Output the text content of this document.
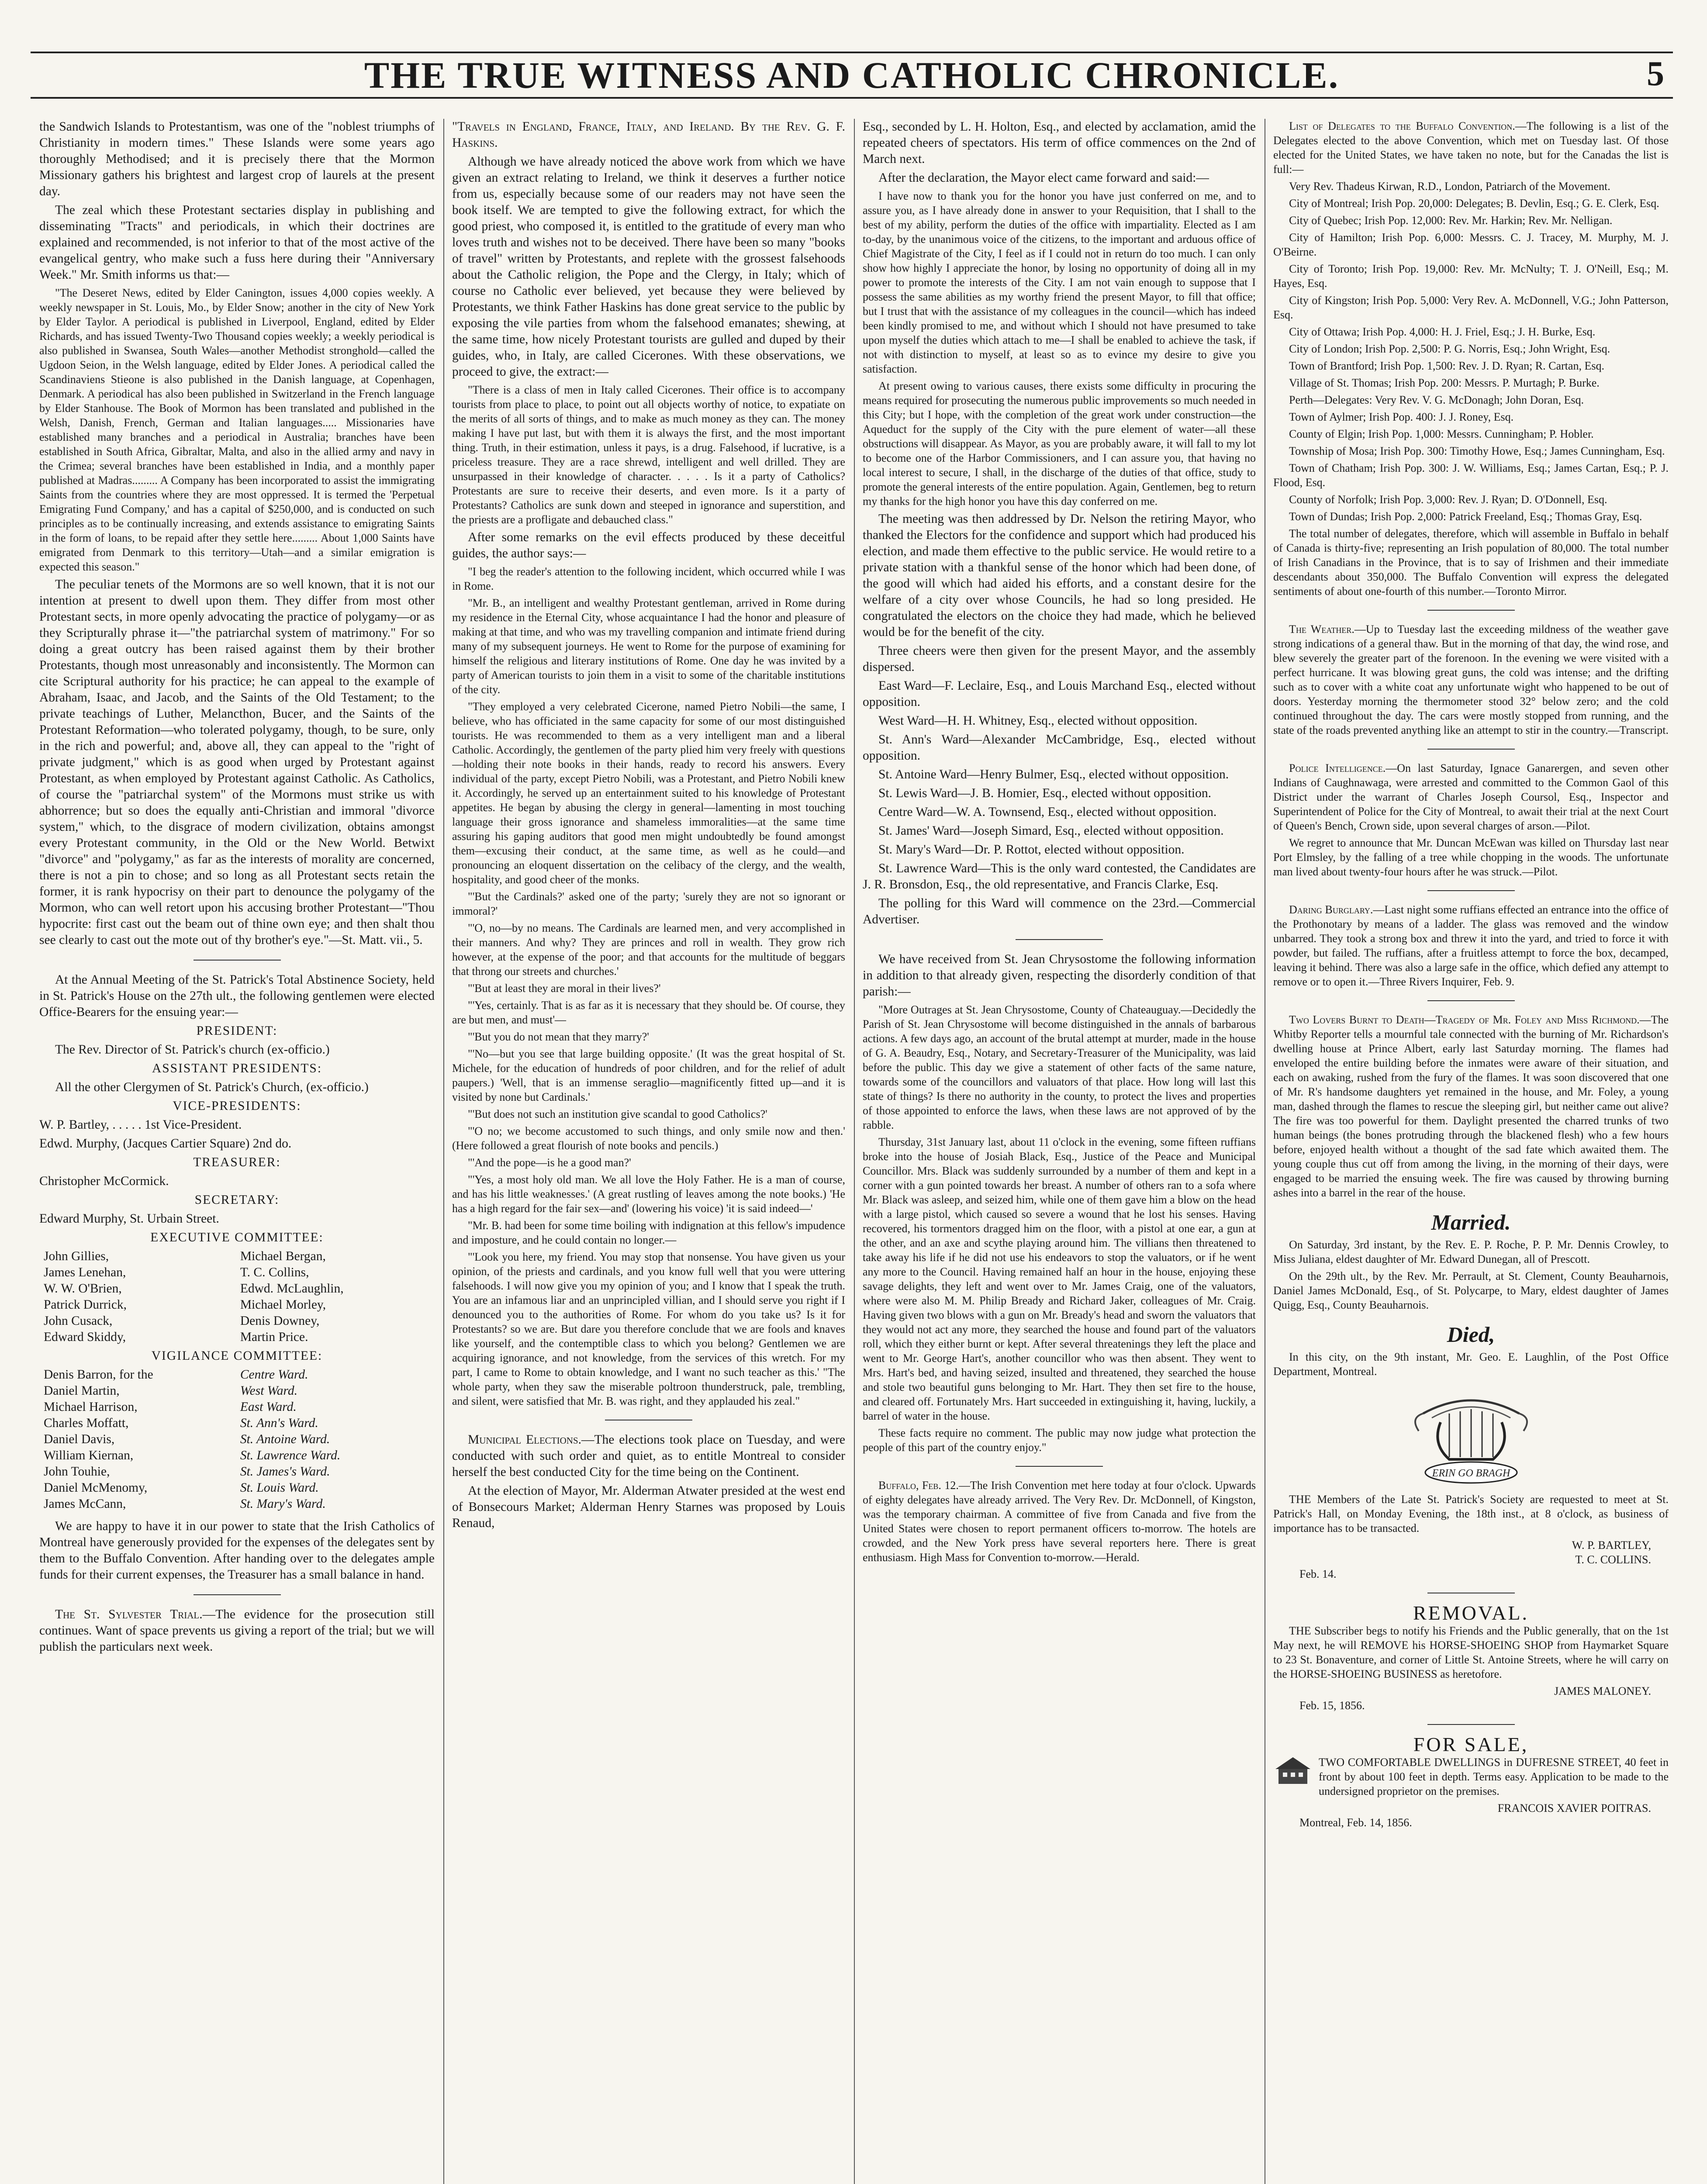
THE TRUE WITNESS AND CATHOLIC CHRONICLE.	5

the Sandwich Islands to Protestantism, was one of the "noblest triumphs of Christianity in modern times." These Islands were some years ago thoroughly Methodised; and it is precisely there that the Mormon Missionary gathers his brightest and largest crop of laurels at the present day.

The zeal which these Protestant sectaries display in publishing and disseminating "Tracts" and periodicals, in which their doctrines are explained and recommended, is not inferior to that of the most active of the evangelical gentry, who make such a fuss here during their "Anniversary Week." Mr. Smith informs us that:—

"The Deseret News, edited by Elder Canington, issues 4,000 copies weekly. A weekly newspaper in St. Louis, Mo., by Elder Snow; another in the city of New York by Elder Taylor. A periodical is published in Liverpool, England, edited by Elder Richards, and has issued Twenty-Two Thousand copies weekly; a weekly periodical is also published in Swansea, South Wales—another Methodist stronghold—called the Ugdoon Seion, in the Welsh language, edited by Elder Jones. A periodical called the Scandinaviens Stieone is also published in the Danish language, at Copenhagen, Denmark. A periodical has also been published in Switzerland in the French language by Elder Stanhouse. The Book of Mormon has been translated and published in the Welsh, Danish, French, German and Italian languages..... Missionaries have established many branches and a periodical in Australia; branches have been established in South Africa, Gibraltar, Malta, and also in the allied army and navy in the Crimea; several branches have been established in India, and a monthly paper published at Madras......... A Company has been incorporated to assist the immigrating Saints from the countries where they are most oppressed. It is termed the 'Perpetual Emigrating Fund Company,' and has a capital of $250,000, and is conducted on such principles as to be continually increasing, and extends assistance to emigrating Saints in the form of loans, to be repaid after they settle here......... About 1,000 Saints have emigrated from Denmark to this territory—Utah—and a similar emigration is expected this season."

The peculiar tenets of the Mormons are so well known, that it is not our intention at present to dwell upon them. They differ from most other Protestant sects, in more openly advocating the practice of polygamy—or as they Scripturally phrase it—"the patriarchal system of matrimony." For so doing a great outcry has been raised against them by their brother Protestants, though most unreasonably and inconsistently. The Mormon can cite Scriptural authority for his practice; he can appeal to the example of Abraham, Isaac, and Jacob, and the Saints of the Old Testament; to the private teachings of Luther, Melancthon, Bucer, and the Saints of the Protestant Reformation—who tolerated polygamy, though, to be sure, only in the rich and powerful; and, above all, they can appeal to the "right of private judgment," which is as good when urged by Protestant against Protestant, as when employed by Protestant against Catholic. As Catholics, of course the "patriarchal system" of the Mormons must strike us with abhorrence; but so does the equally anti-Christian and immoral "divorce system," which, to the disgrace of modern civilization, obtains amongst every Protestant community, in the Old or the New World. Betwixt "divorce" and "polygamy," as far as the interests of morality are concerned, there is not a pin to chose; and so long as all Protestant sects retain the former, it is rank hypocrisy on their part to denounce the polygamy of the Mormon, who can well retort upon his accusing brother Protestant—"Thou hypocrite: first cast out the beam out of thine own eye; and then shalt thou see clearly to cast out the mote out of thy brother's eye."—St. Matt. vii., 5.

At the Annual Meeting of the St. Patrick's Total Abstinence Society, held in St. Patrick's House on the 27th ult., the following gentlemen were elected Office-Bearers for the ensuing year:—

PRESIDENT:

The Rev. Director of St. Patrick's church (ex-officio.)

ASSISTANT PRESIDENTS:

All the other Clergymen of St. Patrick's Church, (ex-officio.)

VICE-PRESIDENTS:

W. P. Bartley, . . . . . 1st Vice-President.

Edwd. Murphy, (Jacques Cartier Square) 2nd do.

TREASURER:

Christopher McCormick.

SECRETARY:

Edward Murphy, St. Urbain Street.

EXECUTIVE COMMITTEE:
John Gillies,	Michael Bergan,
James Lenehan,	T. C. Collins,
W. W. O'Brien,	Edwd. McLaughlin,
Patrick Durrick,	Michael Morley,
John Cusack,	Denis Downey,
Edward Skiddy,	Martin Price.
VIGILANCE COMMITTEE:
Denis Barron, for the	Centre Ward.
Daniel Martin,	West Ward.
Michael Harrison,	East Ward.
Charles Moffatt,	St. Ann's Ward.
Daniel Davis,	St. Antoine Ward.
William Kiernan,	St. Lawrence Ward.
John Touhie,	St. James's Ward.
Daniel McMenomy,	St. Louis Ward.
James McCann,	St. Mary's Ward.

We are happy to have it in our power to state that the Irish Catholics of Montreal have generously provided for the expenses of the delegates sent by them to the Buffalo Convention. After handing over to the delegates ample funds for their current expenses, the Treasurer has a small balance in hand.

The St. Sylvester Trial.—The evidence for the prosecution still continues. Want of space prevents us giving a report of the trial; but we will publish the particulars next week.

"Travels in England, France, Italy, and Ireland. By the Rev. G. F. Haskins.

Although we have already noticed the above work from which we have given an extract relating to Ireland, we think it deserves a further notice from us, especially because some of our readers may not have seen the book itself. We are tempted to give the following extract, for which the good priest, who composed it, is entitled to the gratitude of every man who loves truth and wishes not to be deceived. There have been so many "books of travel" written by Protestants, and replete with the grossest falsehoods about the Catholic religion, the Pope and the Clergy, in Italy; which of course no Catholic ever believed, yet because they were believed by Protestants, we think Father Haskins has done great service to the public by exposing the vile parties from whom the falsehood emanates; shewing, at the same time, how nicely Protestant tourists are gulled and duped by their guides, who, in Italy, are called Cicerones. With these observations, we proceed to give, the extract:—

"There is a class of men in Italy called Cicerones. Their office is to accompany tourists from place to place, to point out all objects worthy of notice, to expatiate on the merits of all sorts of things, and to make as much money as they can. The money making I have put last, but with them it is always the first, and the most important thing. Truth, in their estimation, unless it pays, is a drug. Falsehood, if lucrative, is a priceless treasure. They are a race shrewd, intelligent and well drilled. They are unsurpassed in their knowledge of character. . . . . Is it a party of Catholics? Protestants are sure to receive their deserts, and even more. Is it a party of Protestants? Catholics are sunk down and steeped in ignorance and superstition, and the priests are a profligate and debauched class."

After some remarks on the evil effects produced by these deceitful guides, the author says:—

"I beg the reader's attention to the following incident, which occurred while I was in Rome.

"Mr. B., an intelligent and wealthy Protestant gentleman, arrived in Rome during my residence in the Eternal City, whose acquaintance I had the honor and pleasure of making at that time, and who was my travelling companion and intimate friend during many of my subsequent journeys. He went to Rome for the purpose of examining for himself the religious and literary institutions of Rome. One day he was invited by a party of American tourists to join them in a visit to some of the charitable institutions of the city.

"They employed a very celebrated Cicerone, named Pietro Nobili—the same, I believe, who has officiated in the same capacity for some of our most distinguished tourists. He was recommended to them as a very intelligent man and a liberal Catholic. Accordingly, the gentlemen of the party plied him very freely with questions—holding their note books in their hands, ready to record his answers. Every individual of the party, except Pietro Nobili, was a Protestant, and Pietro Nobili knew it. Accordingly, he served up an entertainment suited to his knowledge of Protestant appetites. He began by abusing the clergy in general—lamenting in most touching language their gross ignorance and shameless immoralities—at the same time assuring his gaping auditors that good men might undoubtedly be found amongst them—excusing their conduct, at the same time, as well as he could—and pronouncing an eloquent dissertation on the celibacy of the clergy, and the wealth, hospitality, and good cheer of the monks.

"'But the Cardinals?' asked one of the party; 'surely they are not so ignorant or immoral?'

"'O, no—by no means. The Cardinals are learned men, and very accomplished in their manners. And why? They are princes and roll in wealth. They grow rich however, at the expense of the poor; and that accounts for the multitude of beggars that throng our streets and churches.'

"'But at least they are moral in their lives?'

"'Yes, certainly. That is as far as it is necessary that they should be. Of course, they are but men, and must'—

"'But you do not mean that they marry?'

"'No—but you see that large building opposite.' (It was the great hospital of St. Michele, for the education of hundreds of poor children, and for the relief of adult paupers.) 'Well, that is an immense seraglio—magnificently fitted up—and it is visited by none but Cardinals.'

"'But does not such an institution give scandal to good Catholics?'

"'O no; we become accustomed to such things, and only smile now and then.' (Here followed a great flourish of note books and pencils.)

"'And the pope—is he a good man?'

"'Yes, a most holy old man. We all love the Holy Father. He is a man of course, and has his little weaknesses.' (A great rustling of leaves among the note books.) 'He has a high regard for the fair sex—and' (lowering his voice) 'it is said indeed—'

"Mr. B. had been for some time boiling with indignation at this fellow's impudence and imposture, and he could contain no longer.—

"'Look you here, my friend. You may stop that nonsense. You have given us your opinion, of the priests and cardinals, and you know full well that you were uttering falsehoods. I will now give you my opinion of you; and I know that I speak the truth. You are an infamous liar and an unprincipled villian, and I should serve you right if I denounced you to the authorities of Rome. For whom do you take us? Is it for Protestants? so we are. But dare you therefore conclude that we are fools and knaves like yourself, and the contemptible class to which you belong? Gentlemen we are acquiring ignorance, and not knowledge, from the services of this wretch. For my part, I came to Rome to obtain knowledge, and I want no such teacher as this.' "The whole party, when they saw the miserable poltroon thunderstruck, pale, trembling, and silent, were satisfied that Mr. B. was right, and they applauded his zeal."

Municipal Elections.—The elections took place on Tuesday, and were conducted with such order and quiet, as to entitle Montreal to consider herself the best conducted City for the time being on the Continent.

At the election of Mayor, Mr. Alderman Atwater presided at the west end of Bonsecours Market; Alderman Henry Starnes was proposed by Louis Renaud,

Esq., seconded by L. H. Holton, Esq., and elected by acclamation, amid the repeated cheers of spectators. His term of office commences on the 2nd of March next.

After the declaration, the Mayor elect came forward and said:—

I have now to thank you for the honor you have just conferred on me, and to assure you, as I have already done in answer to your Requisition, that I shall to the best of my ability, perform the duties of the office with impartiality. Elected as I am to-day, by the unanimous voice of the citizens, to the important and arduous office of Chief Magistrate of the City, I feel as if I could not in return do too much. I can only show how highly I appreciate the honor, by losing no opportunity of doing all in my power to promote the interests of the City. I am not vain enough to suppose that I possess the same abilities as my worthy friend the present Mayor, to fill that office; but I trust that with the assistance of my colleagues in the council—which has indeed been kindly promised to me, and without which I should not have presumed to take upon myself the duties which attach to me—I shall be enabled to achieve the task, if not with distinction to myself, at least so as to evince my desire to give you satisfaction.

At present owing to various causes, there exists some difficulty in procuring the means required for prosecuting the numerous public improvements so much needed in this City; but I hope, with the completion of the great work under construction—the Aqueduct for the supply of the City with the pure element of water—all these obstructions will disappear. As Mayor, as you are probably aware, it will fall to my lot to become one of the Harbor Commissioners, and I can assure you, that having no local interest to secure, I shall, in the discharge of the duties of that office, study to promote the general interests of the entire population. Again, Gentlemen, beg to return my thanks for the high honor you have this day conferred on me.

The meeting was then addressed by Dr. Nelson the retiring Mayor, who thanked the Electors for the confidence and support which had produced his election, and made them effective to the public service. He would retire to a private station with a thankful sense of the honor which had been done, of the good will which had aided his efforts, and a constant desire for the welfare of a city over whose Councils, he had so long presided. He congratulated the electors on the choice they had made, which he believed would be for the benefit of the city.

Three cheers were then given for the present Mayor, and the assembly dispersed.

East Ward—F. Leclaire, Esq., and Louis Marchand Esq., elected without opposition.

West Ward—H. H. Whitney, Esq., elected without opposition.

St. Ann's Ward—Alexander McCambridge, Esq., elected without opposition.

St. Antoine Ward—Henry Bulmer, Esq., elected without opposition.

St. Lewis Ward—J. B. Homier, Esq., elected without opposition.

Centre Ward—W. A. Townsend, Esq., elected without opposition.

St. James' Ward—Joseph Simard, Esq., elected without opposition.

St. Mary's Ward—Dr. P. Rottot, elected without opposition.

St. Lawrence Ward—This is the only ward contested, the Candidates are J. R. Bronsdon, Esq., the old representative, and Francis Clarke, Esq.

The polling for this Ward will commence on the 23rd.—Commercial Advertiser.

We have received from St. Jean Chrysostome the following information in addition to that already given, respecting the disorderly condition of that parish:—

"More Outrages at St. Jean Chrysostome, County of Chateauguay.—Decidedly the Parish of St. Jean Chrysostome will become distinguished in the annals of barbarous actions. A few days ago, an account of the brutal attempt at murder, made in the house of G. A. Beaudry, Esq., Notary, and Secretary-Treasurer of the Municipality, was laid before the public. This day we give a statement of other facts of the same nature, towards some of the councillors and valuators of that place. How long will last this state of things? Is there no authority in the county, to protect the lives and properties of those appointed to enforce the laws, when these laws are not approved of by the rabble.

Thursday, 31st January last, about 11 o'clock in the evening, some fifteen ruffians broke into the house of Josiah Black, Esq., Justice of the Peace and Municipal Councillor. Mrs. Black was suddenly surrounded by a number of them and kept in a corner with a gun pointed towards her breast. A number of others ran to a sofa where Mr. Black was asleep, and seized him, while one of them gave him a blow on the head with a large pistol, which caused so severe a wound that he lost his senses. Having recovered, his tormentors dragged him on the floor, with a pistol at one ear, a gun at the other, and an axe and scythe playing around him. The villians then threatened to take away his life if he did not use his endeavors to stop the valuators, or if he went any more to the Council. Having remained half an hour in the house, enjoying these savage delights, they left and went over to Mr. James Craig, one of the valuators, where were also M. M. Philip Bready and Richard Jaker, colleagues of Mr. Craig. Having given two blows with a gun on Mr. Bready's head and sworn the valuators that they would not act any more, they searched the house and found part of the valuators roll, which they either burnt or kept. After several threatenings they left the place and went to Mr. George Hart's, another councillor who was then absent. They went to Mrs. Hart's bed, and having seized, insulted and threatened, they searched the house and stole two beautiful guns belonging to Mr. Hart. They then set fire to the house, and cleared off. Fortunately Mrs. Hart succeeded in extinguishing it, having, luckily, a barrel of water in the house.

These facts require no comment. The public may now judge what protection the people of this part of the country enjoy."

Buffalo, Feb. 12.—The Irish Convention met here today at four o'clock. Upwards of eighty delegates have already arrived. The Very Rev. Dr. McDonnell, of Kingston, was the temporary chairman. A committee of five from Canada and five from the United States were chosen to report permanent officers to-morrow. The hotels are crowded, and the New York press have several reporters here. There is great enthusiasm. High Mass for Convention to-morrow.—Herald.

List of Delegates to the Buffalo Convention.—The following is a list of the Delegates elected to the above Convention, which met on Tuesday last. Of those elected for the United States, we have taken no note, but for the Canadas the list is full:—

Very Rev. Thadeus Kirwan, R.D., London, Patriarch of the Movement.

City of Montreal; Irish Pop. 20,000: Delegates; B. Devlin, Esq.; G. E. Clerk, Esq.

City of Quebec; Irish Pop. 12,000: Rev. Mr. Harkin; Rev. Mr. Nelligan.

City of Hamilton; Irish Pop. 6,000: Messrs. C. J. Tracey, M. Murphy, M. J. O'Beirne.

City of Toronto; Irish Pop. 19,000: Rev. Mr. McNulty; T. J. O'Neill, Esq.; M. Hayes, Esq.

City of Kingston; Irish Pop. 5,000: Very Rev. A. McDonnell, V.G.; John Patterson, Esq.

City of Ottawa; Irish Pop. 4,000: H. J. Friel, Esq.; J. H. Burke, Esq.

City of London; Irish Pop. 2,500: P. G. Norris, Esq.; John Wright, Esq.

Town of Brantford; Irish Pop. 1,500: Rev. J. D. Ryan; R. Cartan, Esq.

Village of St. Thomas; Irish Pop. 200: Messrs. P. Murtagh; P. Burke.

Perth—Delegates: Very Rev. V. G. McDonagh; John Doran, Esq.

Town of Aylmer; Irish Pop. 400: J. J. Roney, Esq.

County of Elgin; Irish Pop. 1,000: Messrs. Cunningham; P. Hobler.

Township of Mosa; Irish Pop. 300: Timothy Howe, Esq.; James Cunningham, Esq.

Town of Chatham; Irish Pop. 300: J. W. Williams, Esq.; James Cartan, Esq.; P. J. Flood, Esq.

County of Norfolk; Irish Pop. 3,000: Rev. J. Ryan; D. O'Donnell, Esq.

Town of Dundas; Irish Pop. 2,000: Patrick Freeland, Esq.; Thomas Gray, Esq.

The total number of delegates, therefore, which will assemble in Buffalo in behalf of Canada is thirty-five; representing an Irish population of 80,000. The total number of Irish Canadians in the Province, that is to say of Irishmen and their immediate descendants about 350,000. The Buffalo Convention will express the delegated sentiments of about one-fourth of this number.—Toronto Mirror.

The Weather.—Up to Tuesday last the exceeding mildness of the weather gave strong indications of a general thaw. But in the morning of that day, the wind rose, and blew severely the greater part of the forenoon. In the evening we were visited with a perfect hurricane. It was blowing great guns, the cold was intense; and the drifting such as to cover with a white coat any unfortunate wight who happened to be out of doors. Yesterday morning the thermometer stood 32° below zero; and the cold continued throughout the day. The cars were mostly stopped from running, and the state of the roads prevented anything like an attempt to stir in the country.—Transcript.

Police Intelligence.—On last Saturday, Ignace Ganarergen, and seven other Indians of Caughnawaga, were arrested and committed to the Common Gaol of this District under the warrant of Charles Joseph Coursol, Esq., Inspector and Superintendent of Police for the City of Montreal, to await their trial at the next Court of Queen's Bench, Crown side, upon several charges of arson.—Pilot.

We regret to announce that Mr. Duncan McEwan was killed on Thursday last near Port Elmsley, by the falling of a tree while chopping in the woods. The unfortunate man lived about twenty-four hours after he was struck.—Pilot.

Daring Burglary.—Last night some ruffians effected an entrance into the office of the Prothonotary by means of a ladder. The glass was removed and the window unbarred. They took a strong box and threw it into the yard, and tried to force it with powder, but failed. The ruffians, after a fruitless attempt to force the box, decamped, leaving it behind. There was also a large safe in the office, which defied any attempt to remove or to open it.—Three Rivers Inquirer, Feb. 9.

Two Lovers Burnt to Death—Tragedy of Mr. Foley and Miss Richmond.—The Whitby Reporter tells a mournful tale connected with the burning of Mr. Richardson's dwelling house at Prince Albert, early last Saturday morning. The flames had enveloped the entire building before the inmates were aware of their situation, and each on awaking, rushed from the fury of the flames. It was soon discovered that one of Mr. R's handsome daughters yet remained in the house, and Mr. Foley, a young man, dashed through the flames to rescue the sleeping girl, but neither came out alive? The fire was too powerful for them. Daylight presented the charred trunks of two human beings (the bones protruding through the blackened flesh) who a few hours before, enjoyed health without a thought of the sad fate which awaited them. The young couple thus cut off from among the living, in the morning of their days, were engaged to be married the ensuing week. The fire was caused by throwing burning ashes into a barrel in the rear of the house.

Married.

On Saturday, 3rd instant, by the Rev. E. P. Roche, P. P. Mr. Dennis Crowley, to Miss Juliana, eldest daughter of Mr. Edward Dunegan, all of Prescott.

On the 29th ult., by the Rev. Mr. Perrault, at St. Clement, County Beauharnois, Daniel James McDonald, Esq., of St. Polycarpe, to Mary, eldest daughter of James Quigg, Esq., County Beauharnois.

Died,

In this city, on the 9th instant, Mr. Geo. E. Laughlin, of the Post Office Department, Montreal.

ERIN GO BRAGH

THE Members of the Late St. Patrick's Society are requested to meet at St. Patrick's Hall, on Monday Evening, the 18th inst., at 8 o'clock, as business of importance has to be transacted.

W. P. BARTLEY,
T. C. COLLINS.
Feb. 14.
REMOVAL.

THE Subscriber begs to notify his Friends and the Public generally, that on the 1st May next, he will REMOVE his HORSE-SHOEING SHOP from Haymarket Square to 23 St. Bonaventure, and corner of Little St. Antoine Streets, where he will carry on the HORSE-SHOEING BUSINESS as heretofore.

JAMES MALONEY.
Feb. 15, 1856.
FOR SALE,

TWO COMFORTABLE DWELLINGS in DUFRESNE STREET, 40 feet in front by about 100 feet in depth. Terms easy. Application to be made to the undersigned proprietor on the premises.

FRANCOIS XAVIER POITRAS.
Montreal, Feb. 14, 1856.
